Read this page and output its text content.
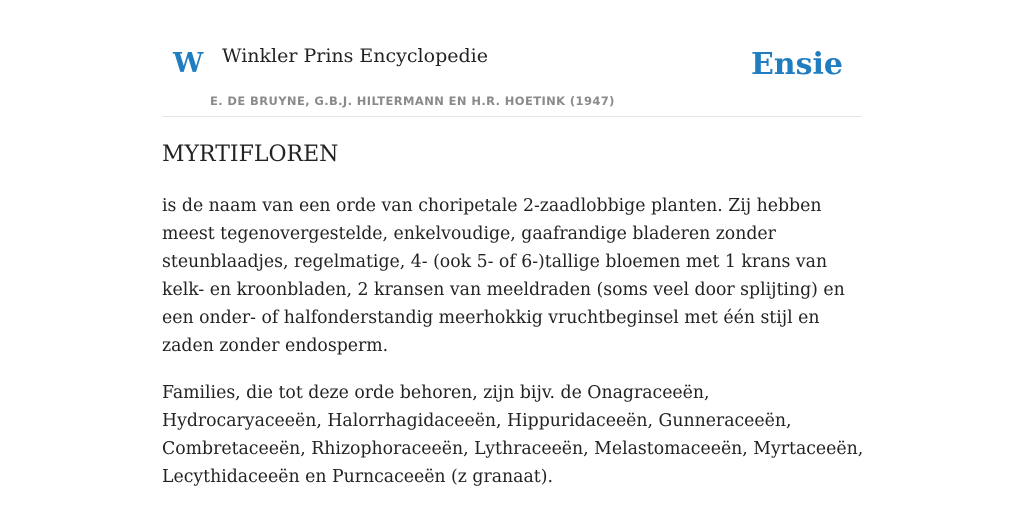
W Winkler Prins Encyclopedie
E. DE BRUYNE, G.B.J. HILTERMANN EN H.R. HOETINK (1947)
Ensie
MYRTIFLOREN

is de naam van een orde van choripetale 2-zaadlobbige planten. Zij hebben meest tegenovergestelde, enkelvoudige, gaafrandige bladeren zonder steunblaadjes, regelmatige, 4- (ook 5- of 6-)tallige bloemen met 1 krans van kelk- en kroonbladen, 2 kransen van meeldraden (soms veel door splijting) en een onder- of halfonderstandig meerhokkig vruchtbeginsel met één stijl en zaden zonder endosperm.

Families, die tot deze orde behoren, zijn bijv. de Onagraceeën, Hydrocaryaceeën, Halorrhagidaceeën, Hippuridaceeën, Gunneraceeën, Combretaceeën, Rhizophoraceeën, Lythraceeën, Melastomaceeën, Myrtaceeën, Lecythidaceeën en Purncaceeën (z granaat).
